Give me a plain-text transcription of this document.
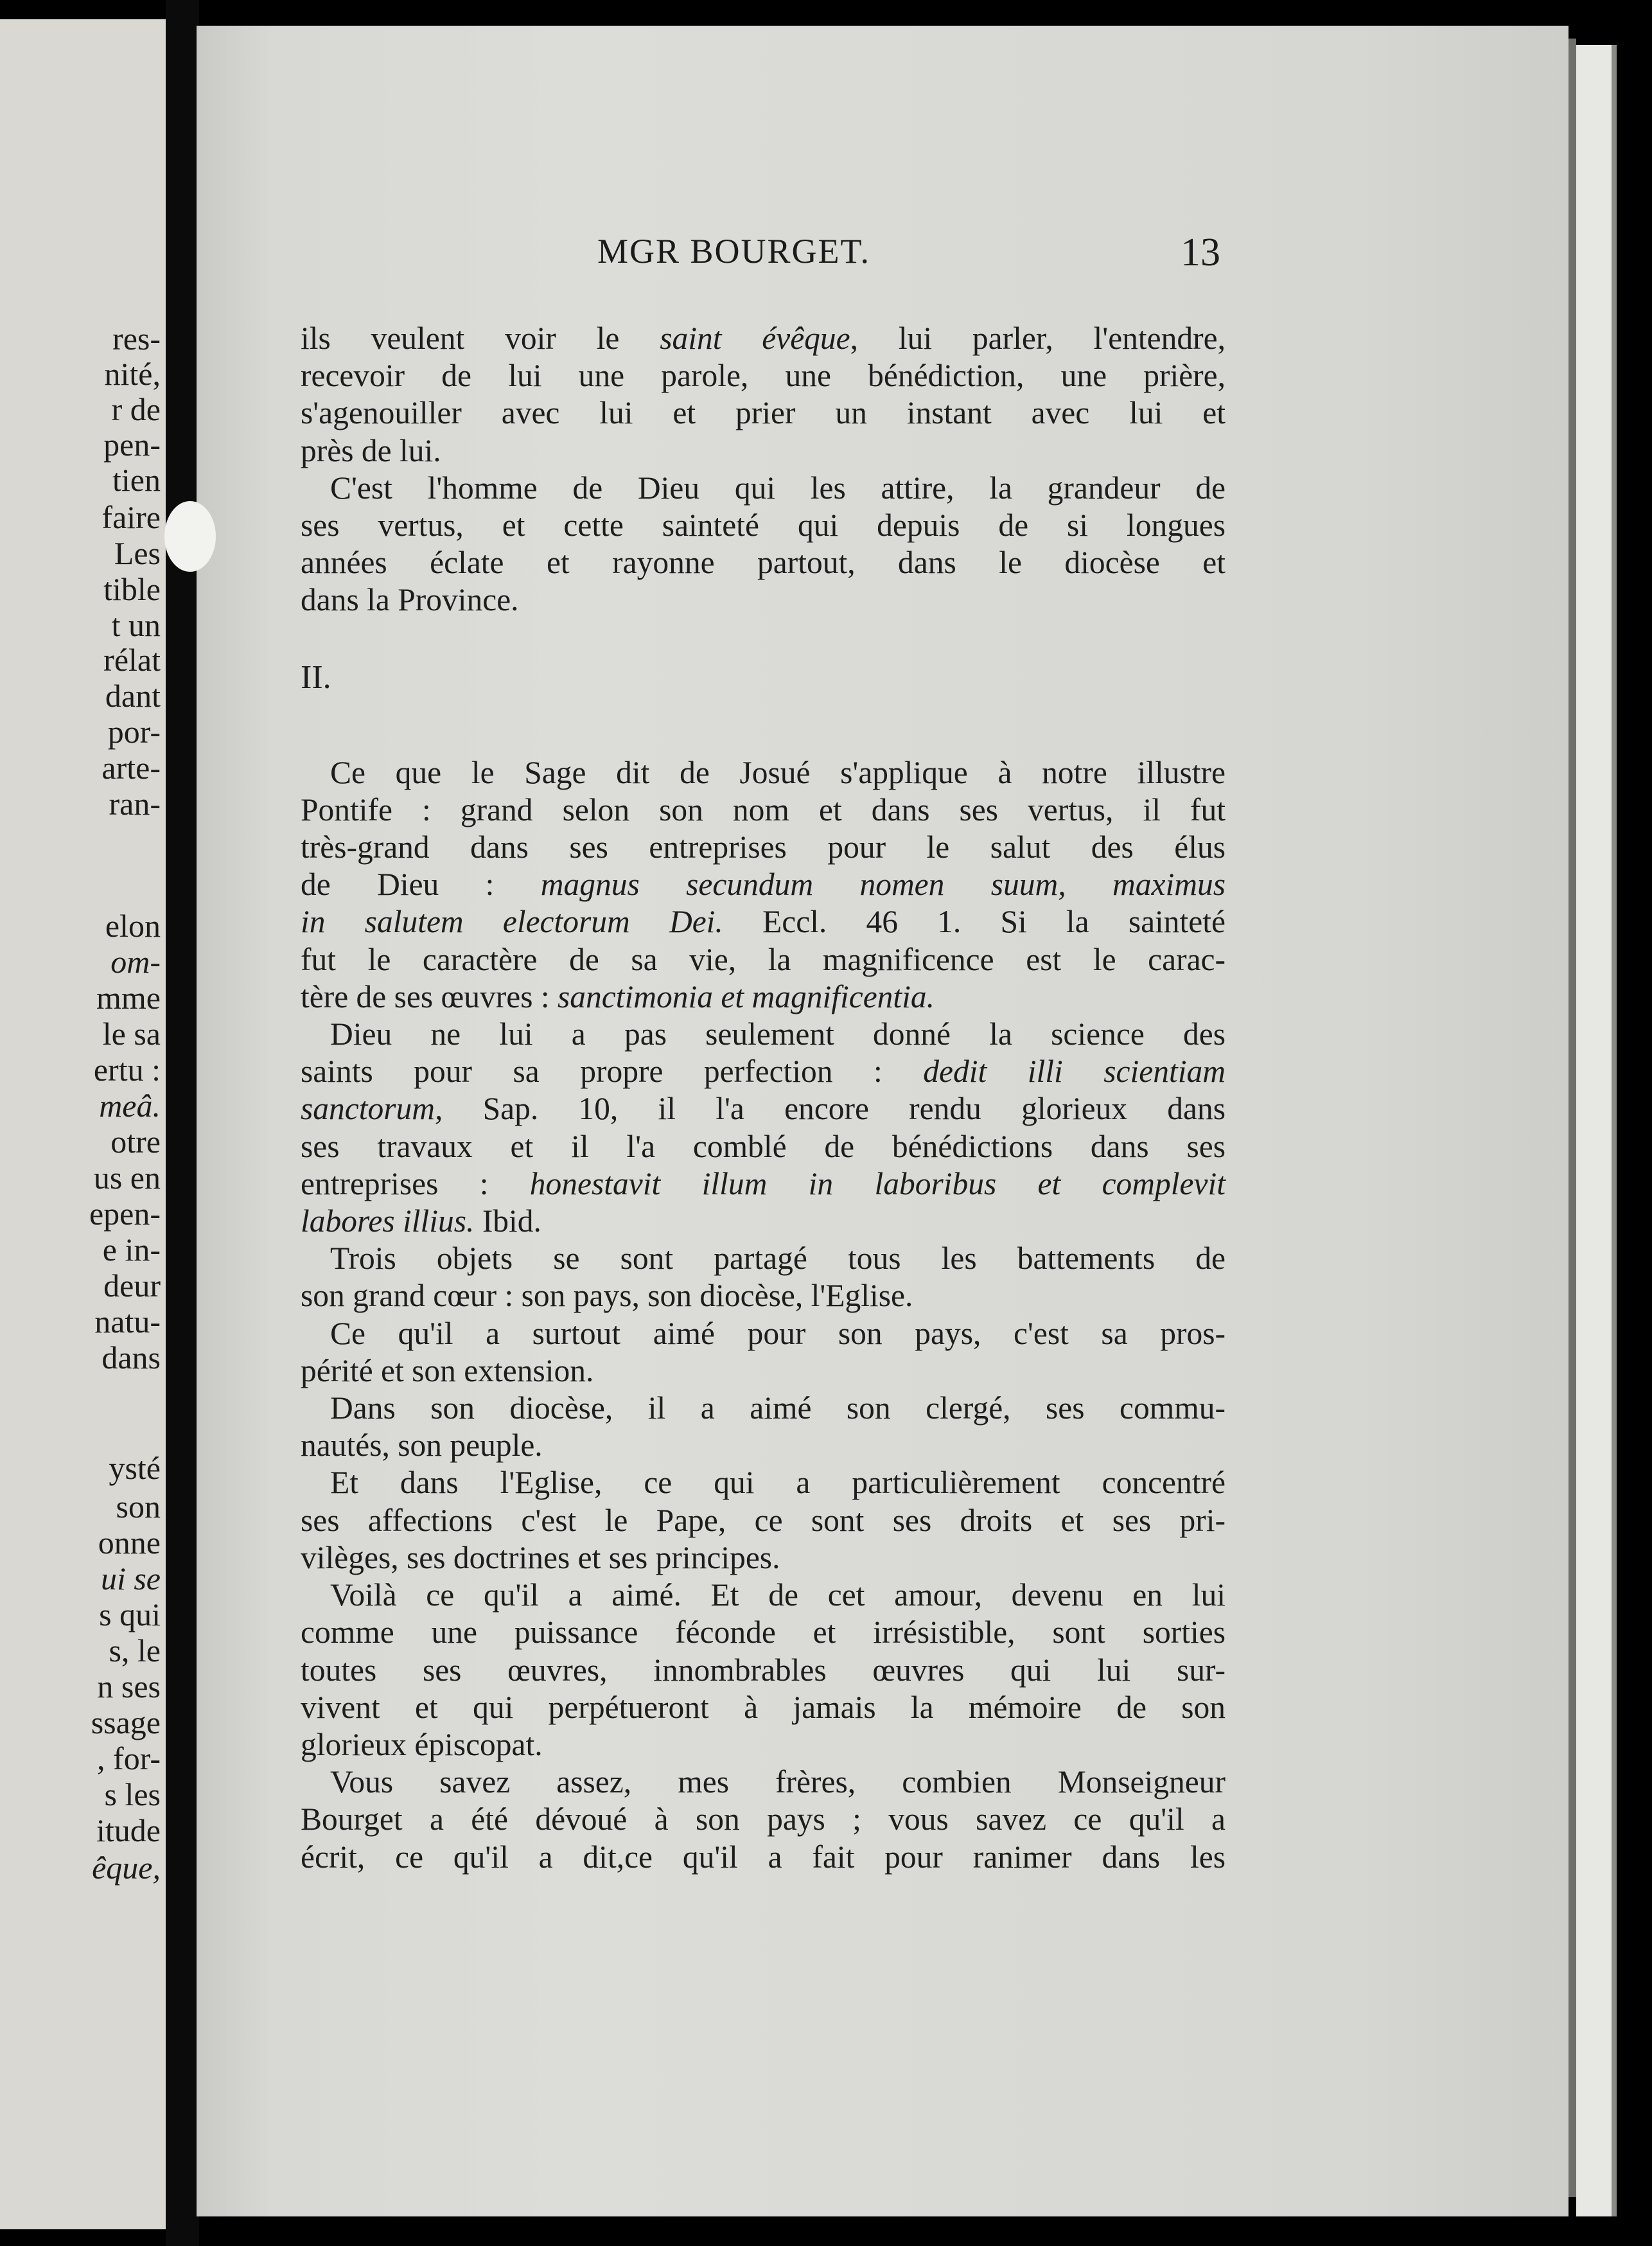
res-
nité,
r de
pen-
tien
faire
Les
tible
t un
rélat
dant
por-
arte-
ran-
elon
om-
mme
le sa
ertu :
meâ.
otre
us en
epen-
e in-
deur
natu-
dans
ysté
son
onne
ui se
s qui
s, le
n ses
ssage
, for-
s les
itude
êque,
MGR BOURGET.	13

ils veulent voir le saint évêque, lui parler, l'entendre,
recevoir de lui une parole, une bénédiction, une prière,
s'agenouiller avec lui et prier un instant avec lui et
près de lui.

C'est l'homme de Dieu qui les attire, la grandeur de
ses vertus, et cette sainteté qui depuis de si longues
années éclate et rayonne partout, dans le diocèse et
dans la Province.

II.

Ce que le Sage dit de Josué s'applique à notre illustre
Pontife : grand selon son nom et dans ses vertus, il fut
très-grand dans ses entreprises pour le salut des élus
de Dieu : magnus secundum nomen suum, maximus
in salutem electorum Dei. Eccl. 46 1. Si la sainteté
fut le caractère de sa vie, la magnificence est le carac-
tère de ses œuvres : sanctimonia et magnificentia.

Dieu ne lui a pas seulement donné la science des
saints pour sa propre perfection : dedit illi scientiam
sanctorum, Sap. 10, il l'a encore rendu glorieux dans
ses travaux et il l'a comblé de bénédictions dans ses
entreprises : honestavit illum in laboribus et complevit
labores illius. Ibid.

Trois objets se sont partagé tous les battements de
son grand cœur : son pays, son diocèse, l'Eglise.

Ce qu'il a surtout aimé pour son pays, c'est sa pros-
périté et son extension.

Dans son diocèse, il a aimé son clergé, ses commu-
nautés, son peuple.

Et dans l'Eglise, ce qui a particulièrement concentré
ses affections c'est le Pape, ce sont ses droits et ses pri-
vilèges, ses doctrines et ses principes.

Voilà ce qu'il a aimé. Et de cet amour, devenu en lui
comme une puissance féconde et irrésistible, sont sorties
toutes ses œuvres, innombrables œuvres qui lui sur-
vivent et qui perpétueront à jamais la mémoire de son
glorieux épiscopat.

Vous savez assez, mes frères, combien Monseigneur
Bourget a été dévoué à son pays ; vous savez ce qu'il a
écrit, ce qu'il a dit,ce qu'il a fait pour ranimer dans les
